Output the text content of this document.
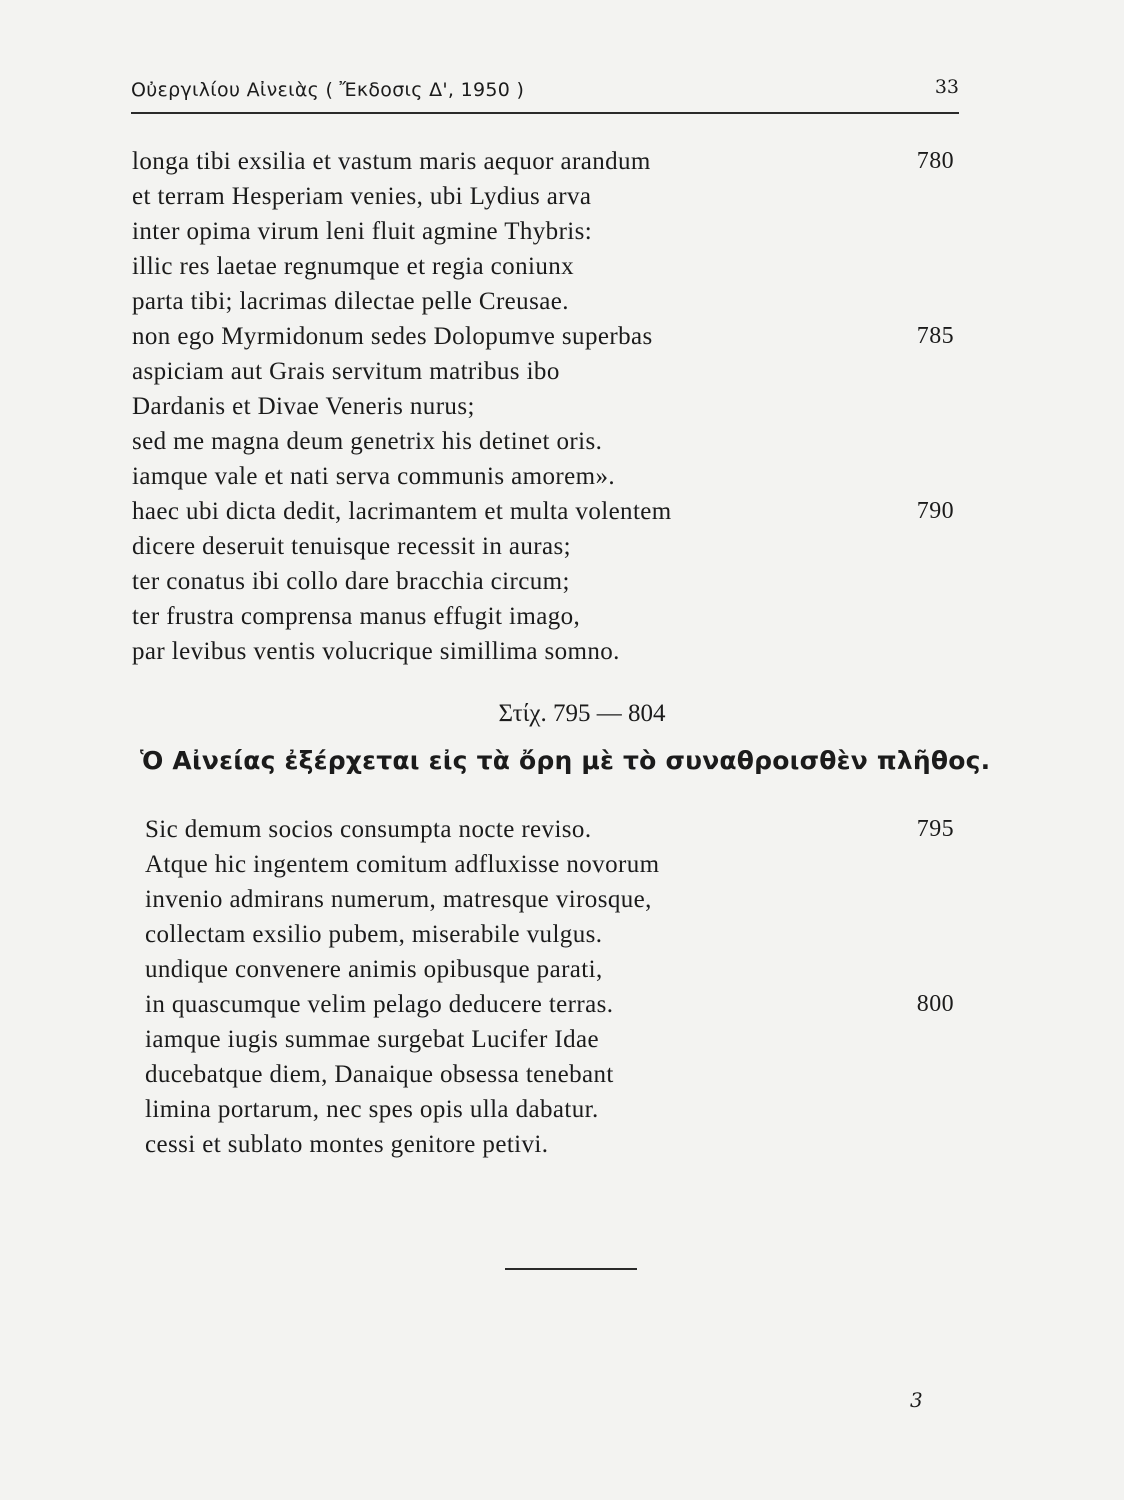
Οὐεργιλίου Αἰνειὰς ( Ἔκδοσις Δ', 1950 )	33
longa tibi exsilia et vastum maris aequor arandum	780
et terram Hesperiam venies, ubi Lydius arva
inter opima virum leni fluit agmine Thybris:
illic res laetae regnumque et regia coniunx
parta tibi; lacrimas dilectae pelle Creusae.
non ego Myrmidonum sedes Dolopumve superbas	785
aspiciam aut Grais servitum matribus ibo
Dardanis et Divae Veneris nurus;
sed me magna deum genetrix his detinet oris.
iamque vale et nati serva communis amorem».
haec ubi dicta dedit, lacrimantem et multa volentem	790
dicere deseruit tenuisque recessit in auras;
ter conatus ibi collo dare bracchia circum;
ter frustra comprensa manus effugit imago,
par levibus ventis volucrique simillima somno.
Στίχ. 795 — 804
Ὁ Αἰνείας ἐξέρχεται εἰς τὰ ὄρη μὲ τὸ συναθροισθὲν πλῆθος.
Sic demum socios consumpta nocte reviso.	795
Atque hic ingentem comitum adfluxisse novorum
invenio admirans numerum, matresque virosque,
collectam exsilio pubem, miserabile vulgus.
undique convenere animis opibusque parati,
in quascumque velim pelago deducere terras.	800
iamque iugis summae surgebat Lucifer Idae
ducebatque diem, Danaique obsessa tenebant
limina portarum, nec spes opis ulla dabatur.
cessi et sublato montes genitore petivi.
3
